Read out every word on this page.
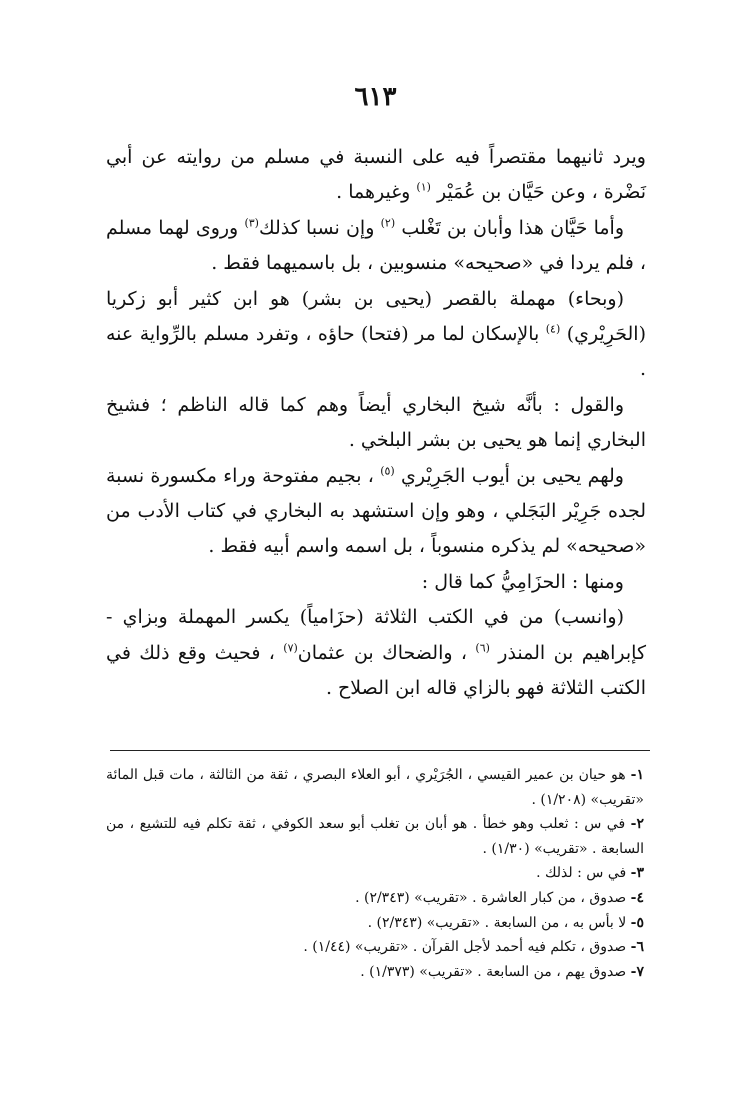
٦١٣

ويرد ثانيهما مقتصراً فيه على النسبة في مسلم من روايته عن أبي نَضْرة ، وعن حَيَّان بن عُمَيْر $^{(١)}$ وغيرهما .

وأما حَيَّان هذا وأبان بن تَغْلب $^{(٢)}$ وإن نسبا كذلك$^{(٣)}$ وروى لهما مسلم ، فلم يردا في «صحيحه» منسوبين ، بل باسميهما فقط .

(وبحاء) مهملة بالقصر (يحيى بن بشر) هو ابن كثير أبو زكريا (الحَرِيْري) $^{(٤)}$ بالإسكان لما مر (فتحا) حاؤه ، وتفرد مسلم بالرِّواية عنه .

والقول : بأنَّه شيخ البخاري أيضاً وهم كما قاله الناظم ؛ فشيخ البخاري إنما هو يحيى بن بشر البلخي .

ولهم يحيى بن أيوب الجَرِيْري $^{(٥)}$ ، بجيم مفتوحة وراء مكسورة نسبة لجده جَرِيْر البَجَلي ، وهو وإن استشهد به البخاري في كتاب الأدب من «صحيحه» لم يذكره منسوباً ، بل اسمه واسم أبيه فقط .

ومنها : الحزَامِيُّ كما قال :

(وانسب) من في الكتب الثلاثة (حزَامياً) يكسر المهملة وبزاي - كإبراهيم بن المنذر $^{(٦)}$ ، والضحاك بن عثمان$^{(٧)}$ ، فحيث وقع ذلك في الكتب الثلاثة فهو بالزاي قاله ابن الصلاح .

١- هو حيان بن عمير القيسي ، الجُرَيْري ، أبو العلاء البصري ، ثقة من الثالثة ، مات قبل المائة «تقريب» (١/٢٠٨) .

٢- في س : ثعلب وهو خطأ . هو أبان بن تغلب أبو سعد الكوفي ، ثقة تكلم فيه للتشيع ، من السابعة . «تقريب» (١/٣٠) .

٣- في س : لذلك .

٤- صدوق ، من كبار العاشرة . «تقريب» (٢/٣٤٣) .

٥- لا بأس به ، من السابعة . «تقريب» (٢/٣٤٣) .

٦- صدوق ، تكلم فيه أحمد لأجل القرآن . «تقريب» (١/٤٤) .

٧- صدوق يهم ، من السابعة . «تقريب» (١/٣٧٣) .
